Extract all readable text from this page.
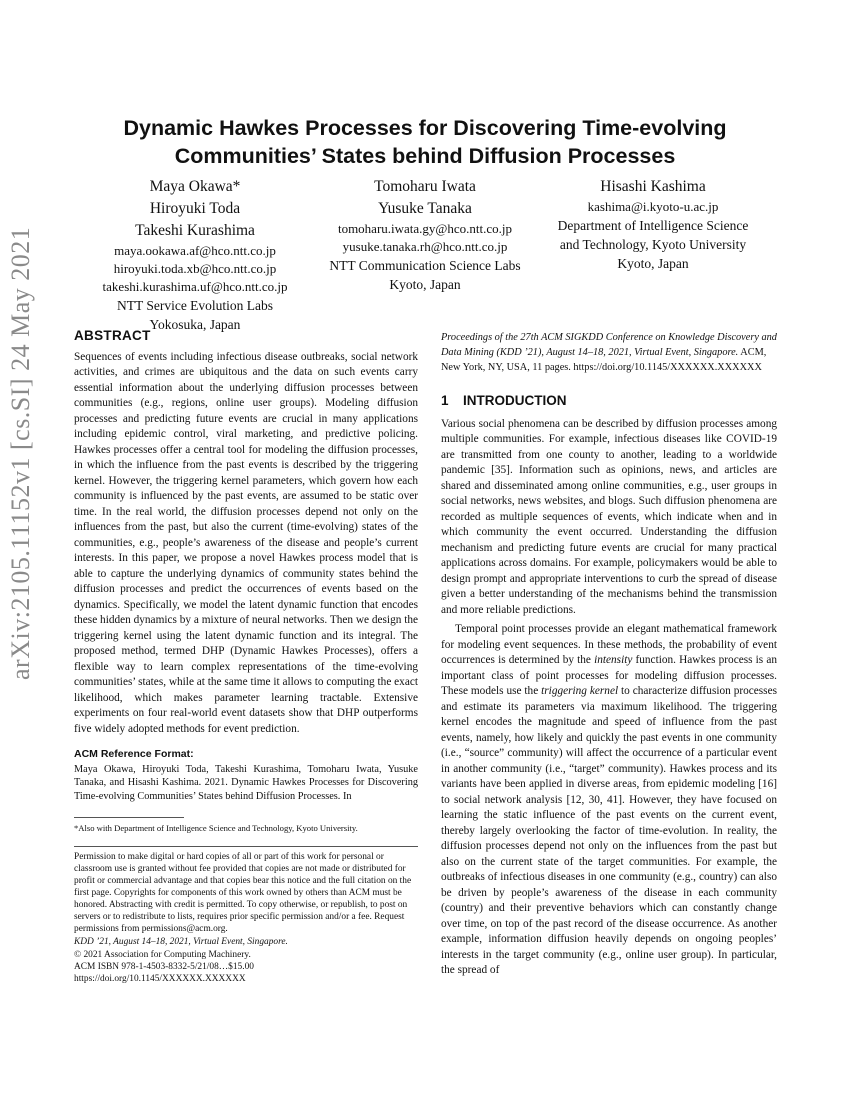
arXiv:2105.11152v1 [cs.SI] 24 May 2021
Dynamic Hawkes Processes for Discovering Time-evolving Communities’ States behind Diffusion Processes
Maya Okawa*
Hiroyuki Toda
Takeshi Kurashima
maya.ookawa.af@hco.ntt.co.jp
hiroyuki.toda.xb@hco.ntt.co.jp
takeshi.kurashima.uf@hco.ntt.co.jp
NTT Service Evolution Labs
Yokosuka, Japan
Tomoharu Iwata
Yusuke Tanaka
tomoharu.iwata.gy@hco.ntt.co.jp
yusuke.tanaka.rh@hco.ntt.co.jp
NTT Communication Science Labs
Kyoto, Japan
Hisashi Kashima
kashima@i.kyoto-u.ac.jp
Department of Intelligence Science
and Technology, Kyoto University
Kyoto, Japan
ABSTRACT

Sequences of events including infectious disease outbreaks, social network activities, and crimes are ubiquitous and the data on such events carry essential information about the underlying diffusion processes between communities (e.g., regions, online user groups). Modeling diffusion processes and predicting future events are crucial in many applications including epidemic control, viral marketing, and predictive policing. Hawkes processes offer a central tool for modeling the diffusion processes, in which the influence from the past events is described by the triggering kernel. However, the triggering kernel parameters, which govern how each community is influenced by the past events, are assumed to be static over time. In the real world, the diffusion processes depend not only on the influences from the past, but also the current (time-evolving) states of the communities, e.g., people’s awareness of the disease and people’s current interests. In this paper, we propose a novel Hawkes process model that is able to capture the underlying dynamics of community states behind the diffusion processes and predict the occurrences of events based on the dynamics. Specifically, we model the latent dynamic function that encodes these hidden dynamics by a mixture of neural networks. Then we design the triggering kernel using the latent dynamic function and its integral. The proposed method, termed DHP (Dynamic Hawkes Processes), offers a flexible way to learn complex representations of the time-evolving communities’ states, while at the same time it allows to computing the exact likelihood, which makes parameter learning tractable. Extensive experiments on four real-world event datasets show that DHP outperforms five widely adopted methods for event prediction.

ACM Reference Format:

Maya Okawa, Hiroyuki Toda, Takeshi Kurashima, Tomoharu Iwata, Yusuke Tanaka, and Hisashi Kashima. 2021. Dynamic Hawkes Processes for Discovering Time-evolving Communities’ States behind Diffusion Processes. In

*Also with Department of Intelligence Science and Technology, Kyoto University.

Permission to make digital or hard copies of all or part of this work for personal or classroom use is granted without fee provided that copies are not made or distributed for profit or commercial advantage and that copies bear this notice and the full citation on the first page. Copyrights for components of this work owned by others than ACM must be honored. Abstracting with credit is permitted. To copy otherwise, or republish, to post on servers or to redistribute to lists, requires prior specific permission and/or a fee. Request permissions from permissions@acm.org.

KDD ’21, August 14–18, 2021, Virtual Event, Singapore.

© 2021 Association for Computing Machinery.

ACM ISBN 978-1-4503-8332-5/21/08…$15.00

https://doi.org/10.1145/XXXXXX.XXXXXX

Proceedings of the 27th ACM SIGKDD Conference on Knowledge Discovery and Data Mining (KDD ’21), August 14–18, 2021, Virtual Event, Singapore. ACM, New York, NY, USA, 11 pages. https://doi.org/10.1145/XXXXXX.XXXXXX

1 INTRODUCTION

Various social phenomena can be described by diffusion processes among multiple communities. For example, infectious diseases like COVID-19 are transmitted from one county to another, leading to a worldwide pandemic [35]. Information such as opinions, news, and articles are shared and disseminated among online communities, e.g., user groups in social networks, news websites, and blogs. Such diffusion phenomena are recorded as multiple sequences of events, which indicate when and in which community the event occurred. Understanding the diffusion mechanism and predicting future events are crucial for many practical applications across domains. For example, policymakers would be able to design prompt and appropriate interventions to curb the spread of disease given a better understanding of the mechanisms behind the transmission and more reliable predictions.

Temporal point processes provide an elegant mathematical framework for modeling event sequences. In these methods, the probability of event occurrences is determined by the intensity function. Hawkes process is an important class of point processes for modeling diffusion processes. These models use the triggering kernel to characterize diffusion processes and estimate its parameters via maximum likelihood. The triggering kernel encodes the magnitude and speed of influence from the past events, namely, how likely and quickly the past events in one community (i.e., “source” community) will affect the occurrence of a particular event in another community (i.e., “target” community). Hawkes process and its variants have been applied in diverse areas, from epidemic modeling [16] to social network analysis [12, 30, 41]. However, they have focused on learning the static influence of the past events on the current event, thereby largely overlooking the factor of time-evolution. In reality, the diffusion processes depend not only on the influences from the past but also on the current state of the target communities. For example, the outbreaks of infectious diseases in one community (e.g., country) can also be driven by people’s awareness of the disease in each community (country) and their preventive behaviors which can constantly change over time, on top of the past record of the disease occurrence. As another example, information diffusion heavily depends on ongoing peoples’ interests in the target community (e.g., online user group). In particular, the spread of
